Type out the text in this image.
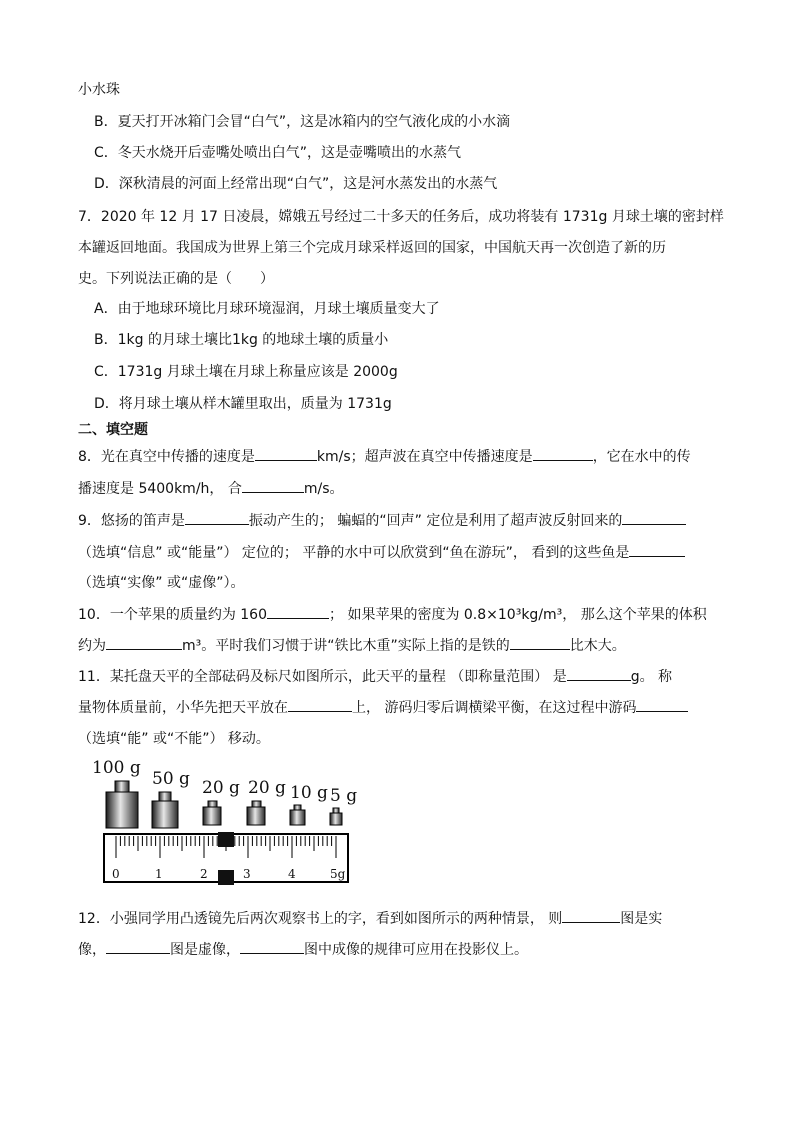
小水珠
B．夏天打开冰箱门会冒“白气”，这是冰箱内的空气液化成的小水滴
C．冬天水烧开后壶嘴处喷出白气”，这是壶嘴喷出的水蒸气
D．深秋清晨的河面上经常出现“白气”，这是河水蒸发出的水蒸气
7．2020 年 12 月 17 日凌晨，嫦娥五号经过二十多天的任务后，成功将装有 1731g 月球土壤的密封样
本罐返回地面。我国成为世界上第三个完成月球采样返回的国家，中国航天再一次创造了新的历
史。下列说法正确的是（　　）
A．由于地球环境比月球环境湿润，月球土壤质量变大了
B．1kg 的月球土壤比1kg 的地球土壤的质量小
C．1731g 月球土壤在月球上称量应该是 2000g
D．将月球土壤从样木罐里取出，质量为 1731g
二、填空题
8．光在真空中传播的速度是	km/s；超声波在真空中传播速度是	，它在水中的传
播速度是 5400km/h， 合	m/s。
9．悠扬的笛声是	振动产生的； 蝙蝠的“回声” 定位是利用了超声波反射回来的
（选填“信息” 或“能量”） 定位的； 平静的水中可以欣赏到“鱼在游玩”， 看到的这些鱼是
（选填“实像” 或“虚像”）。
10．一个苹果的质量约为 160	； 如果苹果的密度为 0.8×10³kg/m³， 那么这个苹果的体积
约为	m³。平时我们习惯于讲“铁比木重”实际上指的是铁的	比木大。
11．某托盘天平的全部砝码及标尺如图所示，此天平的量程 （即称量范围） 是	g。 称
量物体质量前，小华先把天平放在	上， 游码归零后调横梁平衡，在这过程中游码
（选填“能” 或“不能”） 移动。
100 g
50 g 20 g 20 g 10 g 5 g
0	1	2	3	4	5g
12．小强同学用凸透镜先后两次观察书上的字，看到如图所示的两种情景， 则	图是实
像，	图是虚像，	图中成像的规律可应用在投影仪上。
